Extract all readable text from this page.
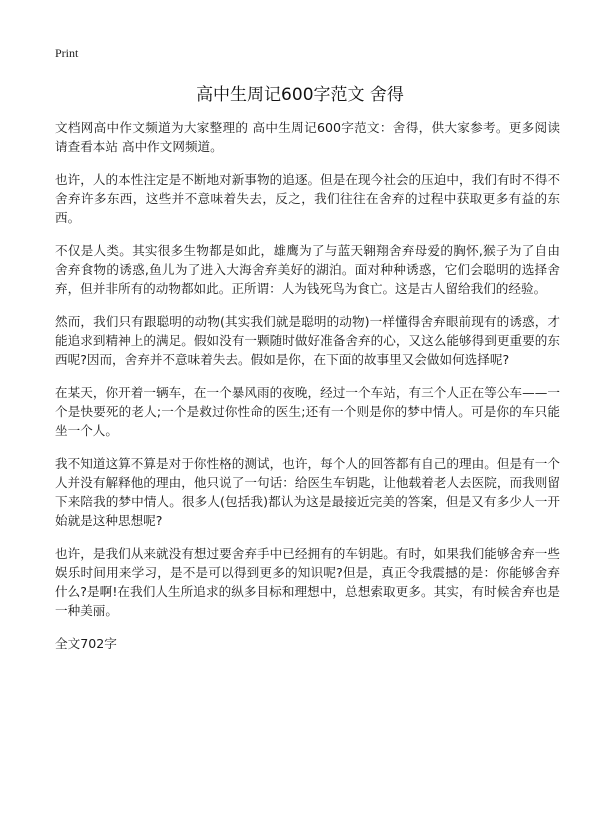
Print
高中生周记600字范文 舍得

文档网高中作文频道为大家整理的 高中生周记600字范文：舍得，供大家参考。更多阅读请查看本站 高中作文网频道。

也许，人的本性注定是不断地对新事物的追逐。但是在现今社会的压迫中，我们有时不得不舍弃许多东西，这些并不意味着失去，反之，我们往往在舍弃的过程中获取更多有益的东西。

不仅是人类。其实很多生物都是如此，雄鹰为了与蓝天翱翔舍弃母爱的胸怀,猴子为了自由舍弃食物的诱惑,鱼儿为了进入大海舍弃美好的湖泊。面对种种诱惑，它们会聪明的选择舍弃，但并非所有的动物都如此。正所谓：人为钱死鸟为食亡。这是古人留给我们的经验。

然而，我们只有跟聪明的动物(其实我们就是聪明的动物)一样懂得舍弃眼前现有的诱惑，才能追求到精神上的满足。假如没有一颗随时做好准备舍弃的心，又这么能够得到更重要的东西呢?因而，舍弃并不意味着失去。假如是你，在下面的故事里又会做如何选择呢?

在某天，你开着一辆车，在一个暴风雨的夜晚，经过一个车站，有三个人正在等公车——一个是快要死的老人;一个是救过你性命的医生;还有一个则是你的梦中情人。可是你的车只能坐一个人。

我不知道这算不算是对于你性格的测试，也许，每个人的回答都有自己的理由。但是有一个人并没有解释他的理由，他只说了一句话：给医生车钥匙，让他载着老人去医院，而我则留下来陪我的梦中情人。很多人(包括我)都认为这是最接近完美的答案，但是又有多少人一开始就是这种思想呢?

也许，是我们从来就没有想过要舍弃手中已经拥有的车钥匙。有时，如果我们能够舍弃一些娱乐时间用来学习，是不是可以得到更多的知识呢?但是，真正令我震撼的是：你能够舍弃什么?是啊!在我们人生所追求的纵多目标和理想中，总想索取更多。其实，有时候舍弃也是一种美丽。

全文702字
